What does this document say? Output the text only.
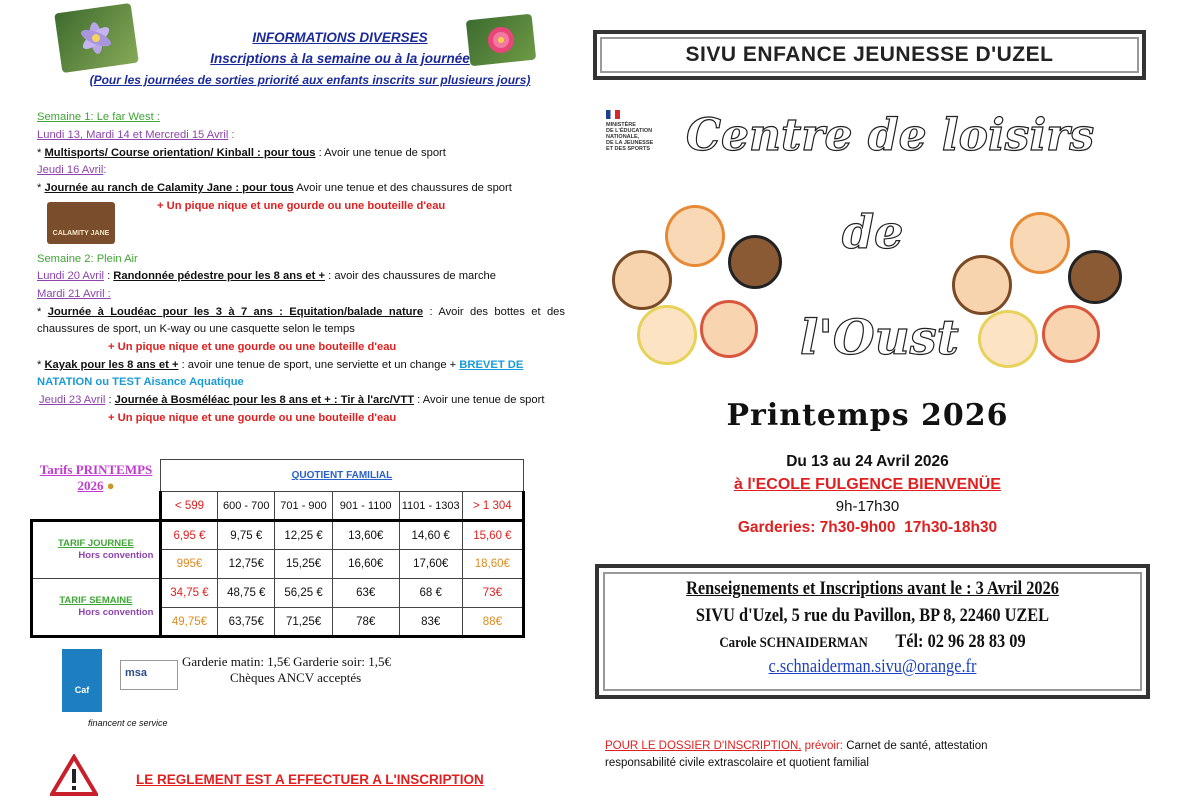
INFORMATIONS DIVERSES
Inscriptions à la semaine ou à la journée
(Pour les journées de sorties priorité aux enfants inscrits sur plusieurs jours)
Semaine 1: Le far West :
Lundi 13, Mardi 14 et Mercredi 15 Avril :
* Multisports/ Course orientation/ Kinball : pour tous : Avoir une tenue de sport
Jeudi 16 Avril:
* Journée au ranch de Calamity Jane : pour tous Avoir une tenue et des chaussures de sport
+ Un pique nique et une gourde ou une bouteille d'eau
CALAMITY JANE
Semaine 2: Plein Air
Lundi 20 Avril : Randonnée pédestre pour les 8 ans et + : avoir des chaussures de marche
Mardi 21 Avril :
* Journée à Loudéac pour les 3 à 7 ans : Equitation/balade nature : Avoir des bottes et des
chaussures de sport, un K-way ou une casquette selon le temps
+ Un pique nique et une gourde ou une bouteille d'eau
* Kayak pour les 8 ans et + : avoir une tenue de sport, une serviette et un change + BREVET DE
NATATION ou TEST Aisance Aquatique
Jeudi 23 Avril : Journée à Bosméléac pour les 8 ans et + : Tir à l'arc/VTT : Avoir une tenue de sport
+ Un pique nique et une gourde ou une bouteille d'eau
Tarifs PRINTEMPS
2026 ●
	QUOTIENT FAMILIAL					
	< 599	600 - 700	701 - 900	901 - 1100	1101 - 1303	> 1 304

TARIF JOURNEE
Hors convention	6,95 €	9,75 €	12,25 €	13,60€	14,60 €	15,60 €
	995€	12,75€	15,25€	16,60€	17,60€	18,60€

TARIF SEMAINE
Hors convention	34,75 €	48,75 €	56,25 €	63€	68 €	73€
	49,75€	63,75€	71,25€	78€	83€	88€
Caf
msa
Garderie matin: 1,5€ Garderie soir: 1,5€
Chèques ANCV acceptés
financent ce service
LE REGLEMENT EST A EFFECTUER A L'INSCRIPTION
SIVU ENFANCE JEUNESSE D'UZEL
MINISTÈRE
DE L'ÉDUCATION
NATIONALE,
DE LA JEUNESSE
ET DES SPORTS Centre de loisirs
de
l'Oust
Printemps 2026
Du 13 au 24 Avril 2026
à l'ECOLE FULGENCE BIENVENÜE
9h-17h30
Garderies: 7h30-9h00  17h30-18h30
Renseignements et Inscriptions avant le : 3 Avril 2026
SIVU d'Uzel, 5 rue du Pavillon, BP 8, 22460 UZEL
Carole SCHNAIDERMAN Tél: 02 96 28 83 09
c.schnaiderman.sivu@orange.fr
POUR LE DOSSIER D'INSCRIPTION, prévoir: Carnet de santé, attestation
responsabilité civile extrascolaire et quotient familial
